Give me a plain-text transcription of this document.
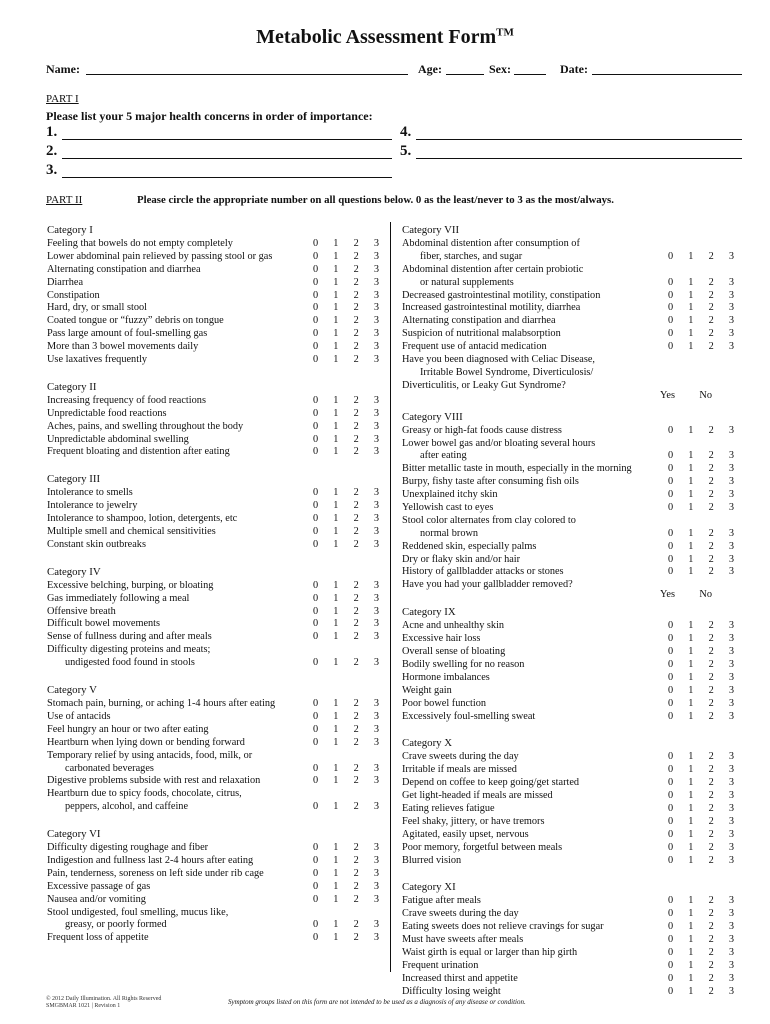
Metabolic Assessment Form™
Name:	Age:	Sex:	Date:
PART I
Please list your 5 major health concerns in order of importance:
1.
2.
3.
4.
5.
PART II	Please circle the appropriate number on all questions below. 0 as the least/never to 3 as the most/always.
Category I
Feeling that bowels do not empty completely	0 1 2 3
Lower abdominal pain relieved by passing stool or gas	0 1 2 3
Alternating constipation and diarrhea	0 1 2 3
Diarrhea	0 1 2 3
Constipation	0 1 2 3
Hard, dry, or small stool	0 1 2 3
Coated tongue or “fuzzy” debris on tongue	0 1 2 3
Pass large amount of foul-smelling gas	0 1 2 3
More than 3 bowel movements daily	0 1 2 3
Use laxatives frequently	0 1 2 3
Category II
Increasing frequency of food reactions	0 1 2 3
Unpredictable food reactions	0 1 2 3
Aches, pains, and swelling throughout the body	0 1 2 3
Unpredictable abdominal swelling	0 1 2 3
Frequent bloating and distention after eating	0 1 2 3
Category III
Intolerance to smells	0 1 2 3
Intolerance to jewelry	0 1 2 3
Intolerance to shampoo, lotion, detergents, etc	0 1 2 3
Multiple smell and chemical sensitivities	0 1 2 3
Constant skin outbreaks	0 1 2 3
Category IV
Excessive belching, burping, or bloating	0 1 2 3
Gas immediately following a meal	0 1 2 3
Offensive breath	0 1 2 3
Difficult bowel movements	0 1 2 3
Sense of fullness during and after meals	0 1 2 3
Difficulty digesting proteins and meats;
undigested food found in stools	0 1 2 3
Category V
Stomach pain, burning, or aching 1-4 hours after eating	0 1 2 3
Use of antacids	0 1 2 3
Feel hungry an hour or two after eating	0 1 2 3
Heartburn when lying down or bending forward	0 1 2 3
Temporary relief by using antacids, food, milk, or
carbonated beverages	0 1 2 3
Digestive problems subside with rest and relaxation	0 1 2 3
Heartburn due to spicy foods, chocolate, citrus,
peppers, alcohol, and caffeine	0 1 2 3
Category VI
Difficulty digesting roughage and fiber	0 1 2 3
Indigestion and fullness last 2-4 hours after eating	0 1 2 3
Pain, tenderness, soreness on left side under rib cage	0 1 2 3
Excessive passage of gas	0 1 2 3
Nausea and/or vomiting	0 1 2 3
Stool undigested, foul smelling, mucus like,
greasy, or poorly formed	0 1 2 3
Frequent loss of appetite	0 1 2 3
Category VII
Abdominal distention after consumption of
fiber, starches, and sugar	0 1 2 3
Abdominal distention after certain probiotic
or natural supplements	0 1 2 3
Decreased gastrointestinal motility, constipation	0 1 2 3
Increased gastrointestinal motility, diarrhea	0 1 2 3
Alternating constipation and diarrhea	0 1 2 3
Suspicion of nutritional malabsorption	0 1 2 3
Frequent use of antacid medication	0 1 2 3
Have you been diagnosed with Celiac Disease,
Irritable Bowel Syndrome, Diverticulosis/
Diverticulitis, or Leaky Gut Syndrome?
Yes No
Category VIII
Greasy or high-fat foods cause distress	0 1 2 3
Lower bowel gas and/or bloating several hours
after eating	0 1 2 3
Bitter metallic taste in mouth, especially in the morning	0 1 2 3
Burpy, fishy taste after consuming fish oils	0 1 2 3
Unexplained itchy skin	0 1 2 3
Yellowish cast to eyes	0 1 2 3
Stool color alternates from clay colored to
normal brown	0 1 2 3
Reddened skin, especially palms	0 1 2 3
Dry or flaky skin and/or hair	0 1 2 3
History of gallbladder attacks or stones	0 1 2 3
Have you had your gallbladder removed?
Yes No
Category IX
Acne and unhealthy skin	0 1 2 3
Excessive hair loss	0 1 2 3
Overall sense of bloating	0 1 2 3
Bodily swelling for no reason	0 1 2 3
Hormone imbalances	0 1 2 3
Weight gain	0 1 2 3
Poor bowel function	0 1 2 3
Excessively foul-smelling sweat	0 1 2 3
Category X
Crave sweets during the day	0 1 2 3
Irritable if meals are missed	0 1 2 3
Depend on coffee to keep going/get started	0 1 2 3
Get light-headed if meals are missed	0 1 2 3
Eating relieves fatigue	0 1 2 3
Feel shaky, jittery, or have tremors	0 1 2 3
Agitated, easily upset, nervous	0 1 2 3
Poor memory, forgetful between meals	0 1 2 3
Blurred vision	0 1 2 3
Category XI
Fatigue after meals	0 1 2 3
Crave sweets during the day	0 1 2 3
Eating sweets does not relieve cravings for sugar	0 1 2 3
Must have sweets after meals	0 1 2 3
Waist girth is equal or larger than hip girth	0 1 2 3
Frequent urination	0 1 2 3
Increased thirst and appetite	0 1 2 3
Difficulty losing weight	0 1 2 3
© 2012 Daily Illumination. All Rights Reserved
SMGBMAR 1021 | Revision 1	Symptom groups listed on this form are not intended to be used as a diagnosis of any disease or condition.
